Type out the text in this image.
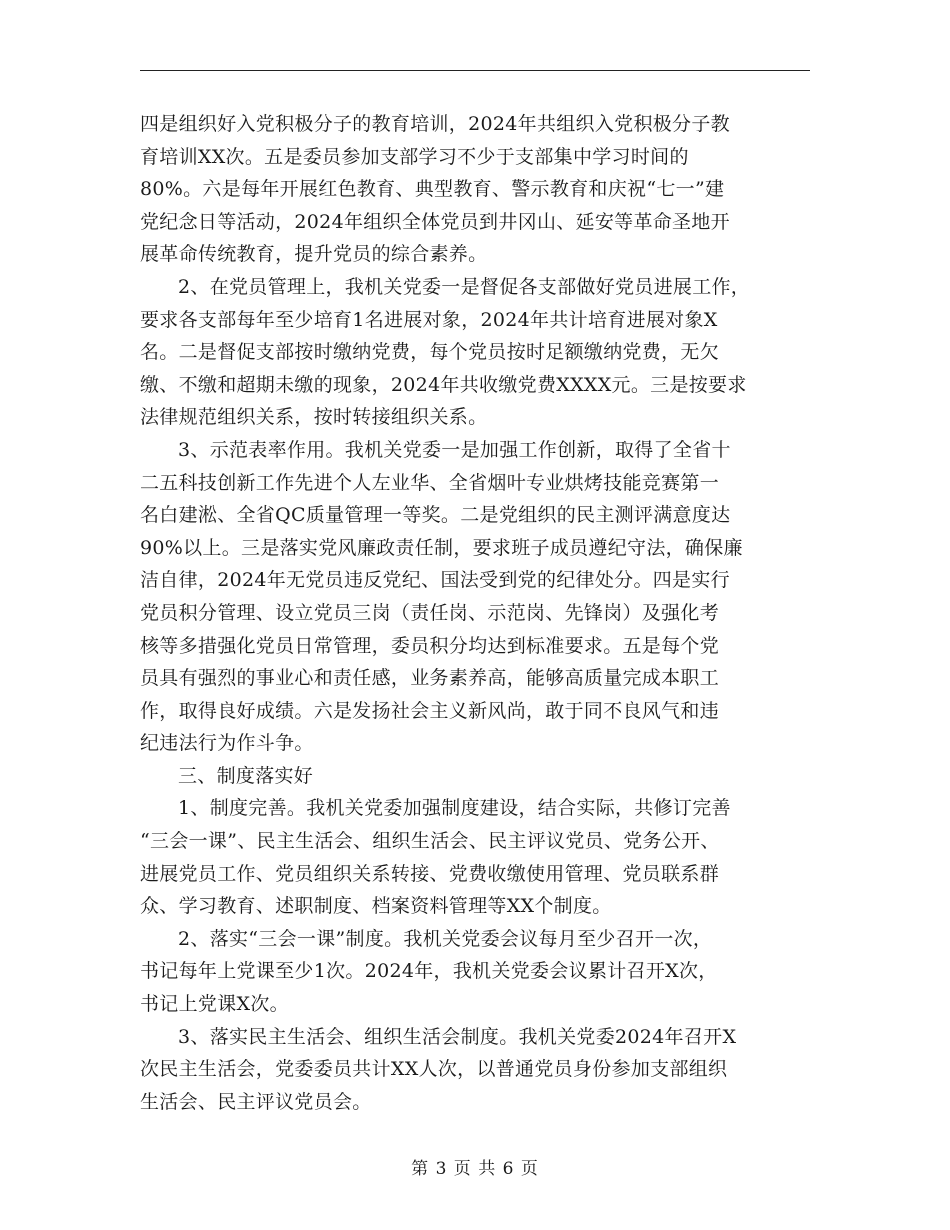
四是组织好入党积极分子的教育培训，2024年共组织入党积极分子教
育培训XX次。五是委员参加支部学习不少于支部集中学习时间的
80%。六是每年开展红色教育、典型教育、警示教育和庆祝“七一”建
党纪念日等活动，2024年组织全体党员到井冈山、延安等革命圣地开
展革命传统教育，提升党员的综合素养。

2、在党员管理上，我机关党委一是督促各支部做好党员进展工作，
要求各支部每年至少培育1名进展对象，2024年共计培育进展对象X
名。二是督促支部按时缴纳党费，每个党员按时足额缴纳党费，无欠
缴、不缴和超期未缴的现象，2024年共收缴党费XXXX元。三是按要求
法律规范组织关系，按时转接组织关系。

3、示范表率作用。我机关党委一是加强工作创新，取得了全省十
二五科技创新工作先进个人左业华、全省烟叶专业烘烤技能竞赛第一
名白建淞、全省QC质量管理一等奖。二是党组织的民主测评满意度达
90%以上。三是落实党风廉政责任制，要求班子成员遵纪守法，确保廉
洁自律，2024年无党员违反党纪、国法受到党的纪律处分。四是实行
党员积分管理、设立党员三岗（责任岗、示范岗、先锋岗）及强化考
核等多措强化党员日常管理，委员积分均达到标准要求。五是每个党
员具有强烈的事业心和责任感，业务素养高，能够高质量完成本职工
作，取得良好成绩。六是发扬社会主义新风尚，敢于同不良风气和违
纪违法行为作斗争。

三、制度落实好

1、制度完善。我机关党委加强制度建设，结合实际，共修订完善
“三会一课”、民主生活会、组织生活会、民主评议党员、党务公开、
进展党员工作、党员组织关系转接、党费收缴使用管理、党员联系群
众、学习教育、述职制度、档案资料管理等XX个制度。

2、落实“三会一课”制度。我机关党委会议每月至少召开一次，
书记每年上党课至少1次。2024年，我机关党委会议累计召开X次，
书记上党课X次。

3、落实民主生活会、组织生活会制度。我机关党委2024年召开X
次民主生活会，党委委员共计XX人次，以普通党员身份参加支部组织
生活会、民主评议党员会。

第 3 页 共 6 页
